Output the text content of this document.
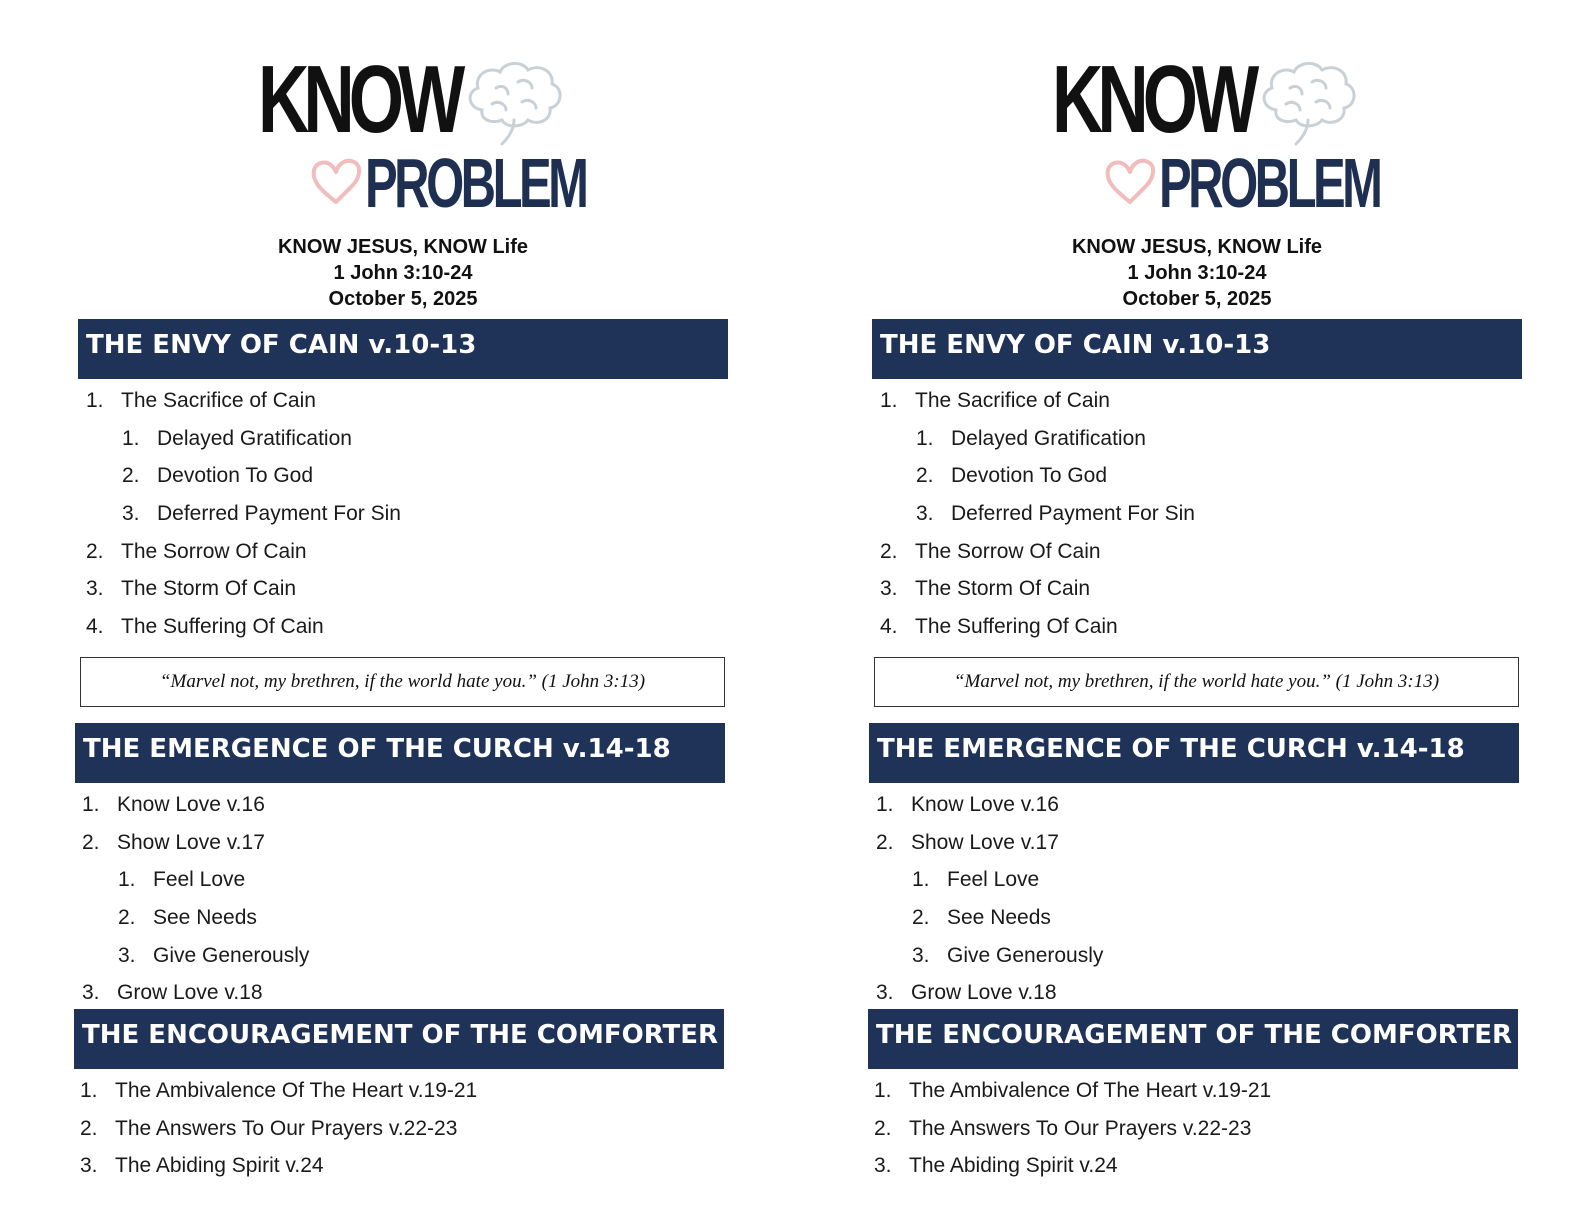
KNOW
PROBLEM
KNOW JESUS, KNOW Life
1 John 3:10-24
October 5, 2025
THE ENVY OF CAIN v.10-13
1. The Sacrifice of Cain
1. Delayed Gratification
2. Devotion To God
3. Deferred Payment For Sin
2. The Sorrow Of Cain
3. The Storm Of Cain
4. The Suffering Of Cain
“Marvel not, my brethren, if the world hate you.” (1 John 3:13)
THE EMERGENCE OF THE CURCH v.14-18
1. Know Love v.16
2. Show Love v.17
1. Feel Love
2. See Needs
3. Give Generously
3. Grow Love v.18
THE ENCOURAGEMENT OF THE COMFORTER
1. The Ambivalence Of The Heart v.19-21
2. The Answers To Our Prayers v.22-23
3. The Abiding Spirit v.24
KNOW
PROBLEM
KNOW JESUS, KNOW Life
1 John 3:10-24
October 5, 2025
THE ENVY OF CAIN v.10-13
1. The Sacrifice of Cain
1. Delayed Gratification
2. Devotion To God
3. Deferred Payment For Sin
2. The Sorrow Of Cain
3. The Storm Of Cain
4. The Suffering Of Cain
“Marvel not, my brethren, if the world hate you.” (1 John 3:13)
THE EMERGENCE OF THE CURCH v.14-18
1. Know Love v.16
2. Show Love v.17
1. Feel Love
2. See Needs
3. Give Generously
3. Grow Love v.18
THE ENCOURAGEMENT OF THE COMFORTER
1. The Ambivalence Of The Heart v.19-21
2. The Answers To Our Prayers v.22-23
3. The Abiding Spirit v.24
